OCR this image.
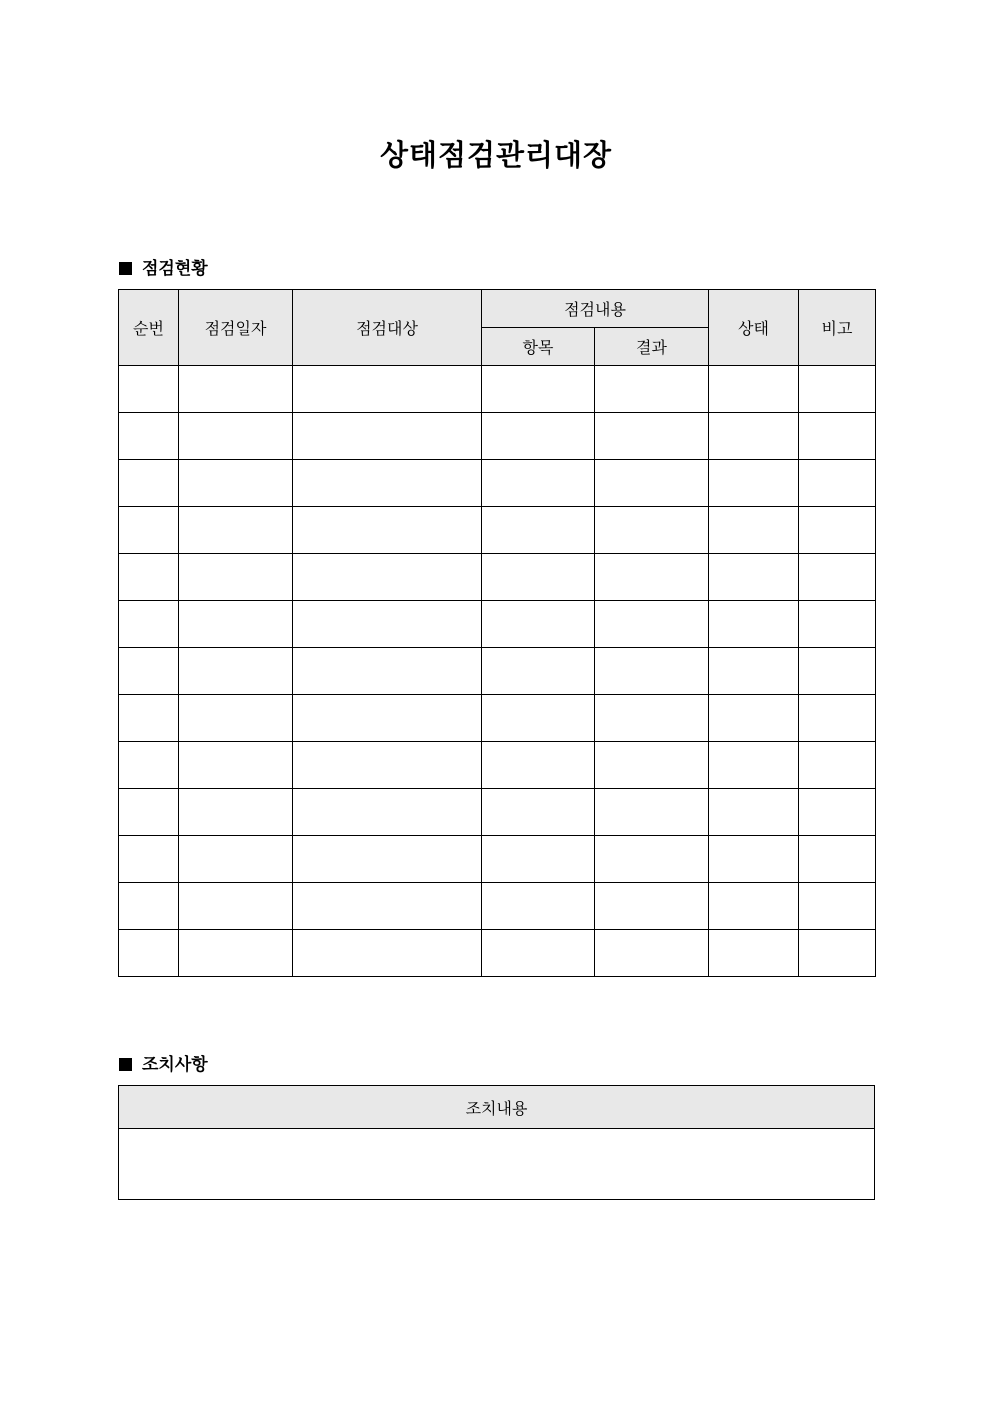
상태점검관리대장
점검현황
순번	점검일자	점검대상	점검내용		상태	비고
			항목	결과		

조치사항
조치내용
